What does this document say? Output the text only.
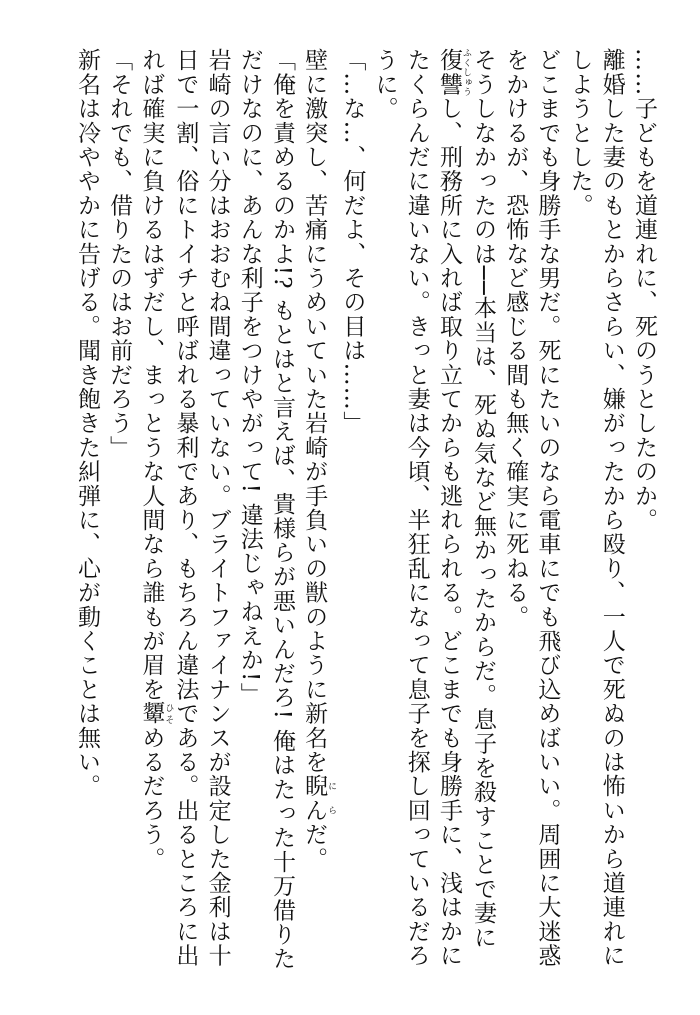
……子どもを道連れに、死のうとしたのか。
離婚した妻のもとからさらい、嫌がったから殴り、一人で死ぬのは怖いから道連れにしようとした。
どこまでも身勝手な男だ。死にたいのなら電車にでも飛び込めばいい。周囲に大迷惑をかけるが、恐怖など感じる間も無く確実に死ねる。
そうしなかったのは──本当は、死ぬ気など無かったからだ。息子を殺すことで妻に復讐 ふくしゅうし、刑務所に入れば取り立てからも逃れられる。どこまでも身勝手に、浅はかにたくらんだに違いない。きっと妻は今頃、半狂乱になって息子を探し回っているだろうに。
「…な…、何だよ、その目は……」
壁に激突し、苦痛にうめいていた岩崎が手負いの獣のように新名を睨ん にらだ。
「俺を責めるのかよ!? もとはと言えば、貴様らが悪いんだろ! 俺はたった十万借りただけなのに、あんな利子をつけやがって! 違法じゃねえか!」
岩崎の言い分はおおむね間違っていない。ブライトファイナンスが設定した金利は十日で一割、俗にトイチと呼ばれる暴利であり、もちろん違法である。出るところに出れば確実に負けるはずだし、まっとうな人間なら誰もが眉を顰 ひそめるだろう。
「それでも、借りたのはお前だろう」
新名は冷ややかに告げる。聞き飽きた糾弾に、心が動くことは無い。
